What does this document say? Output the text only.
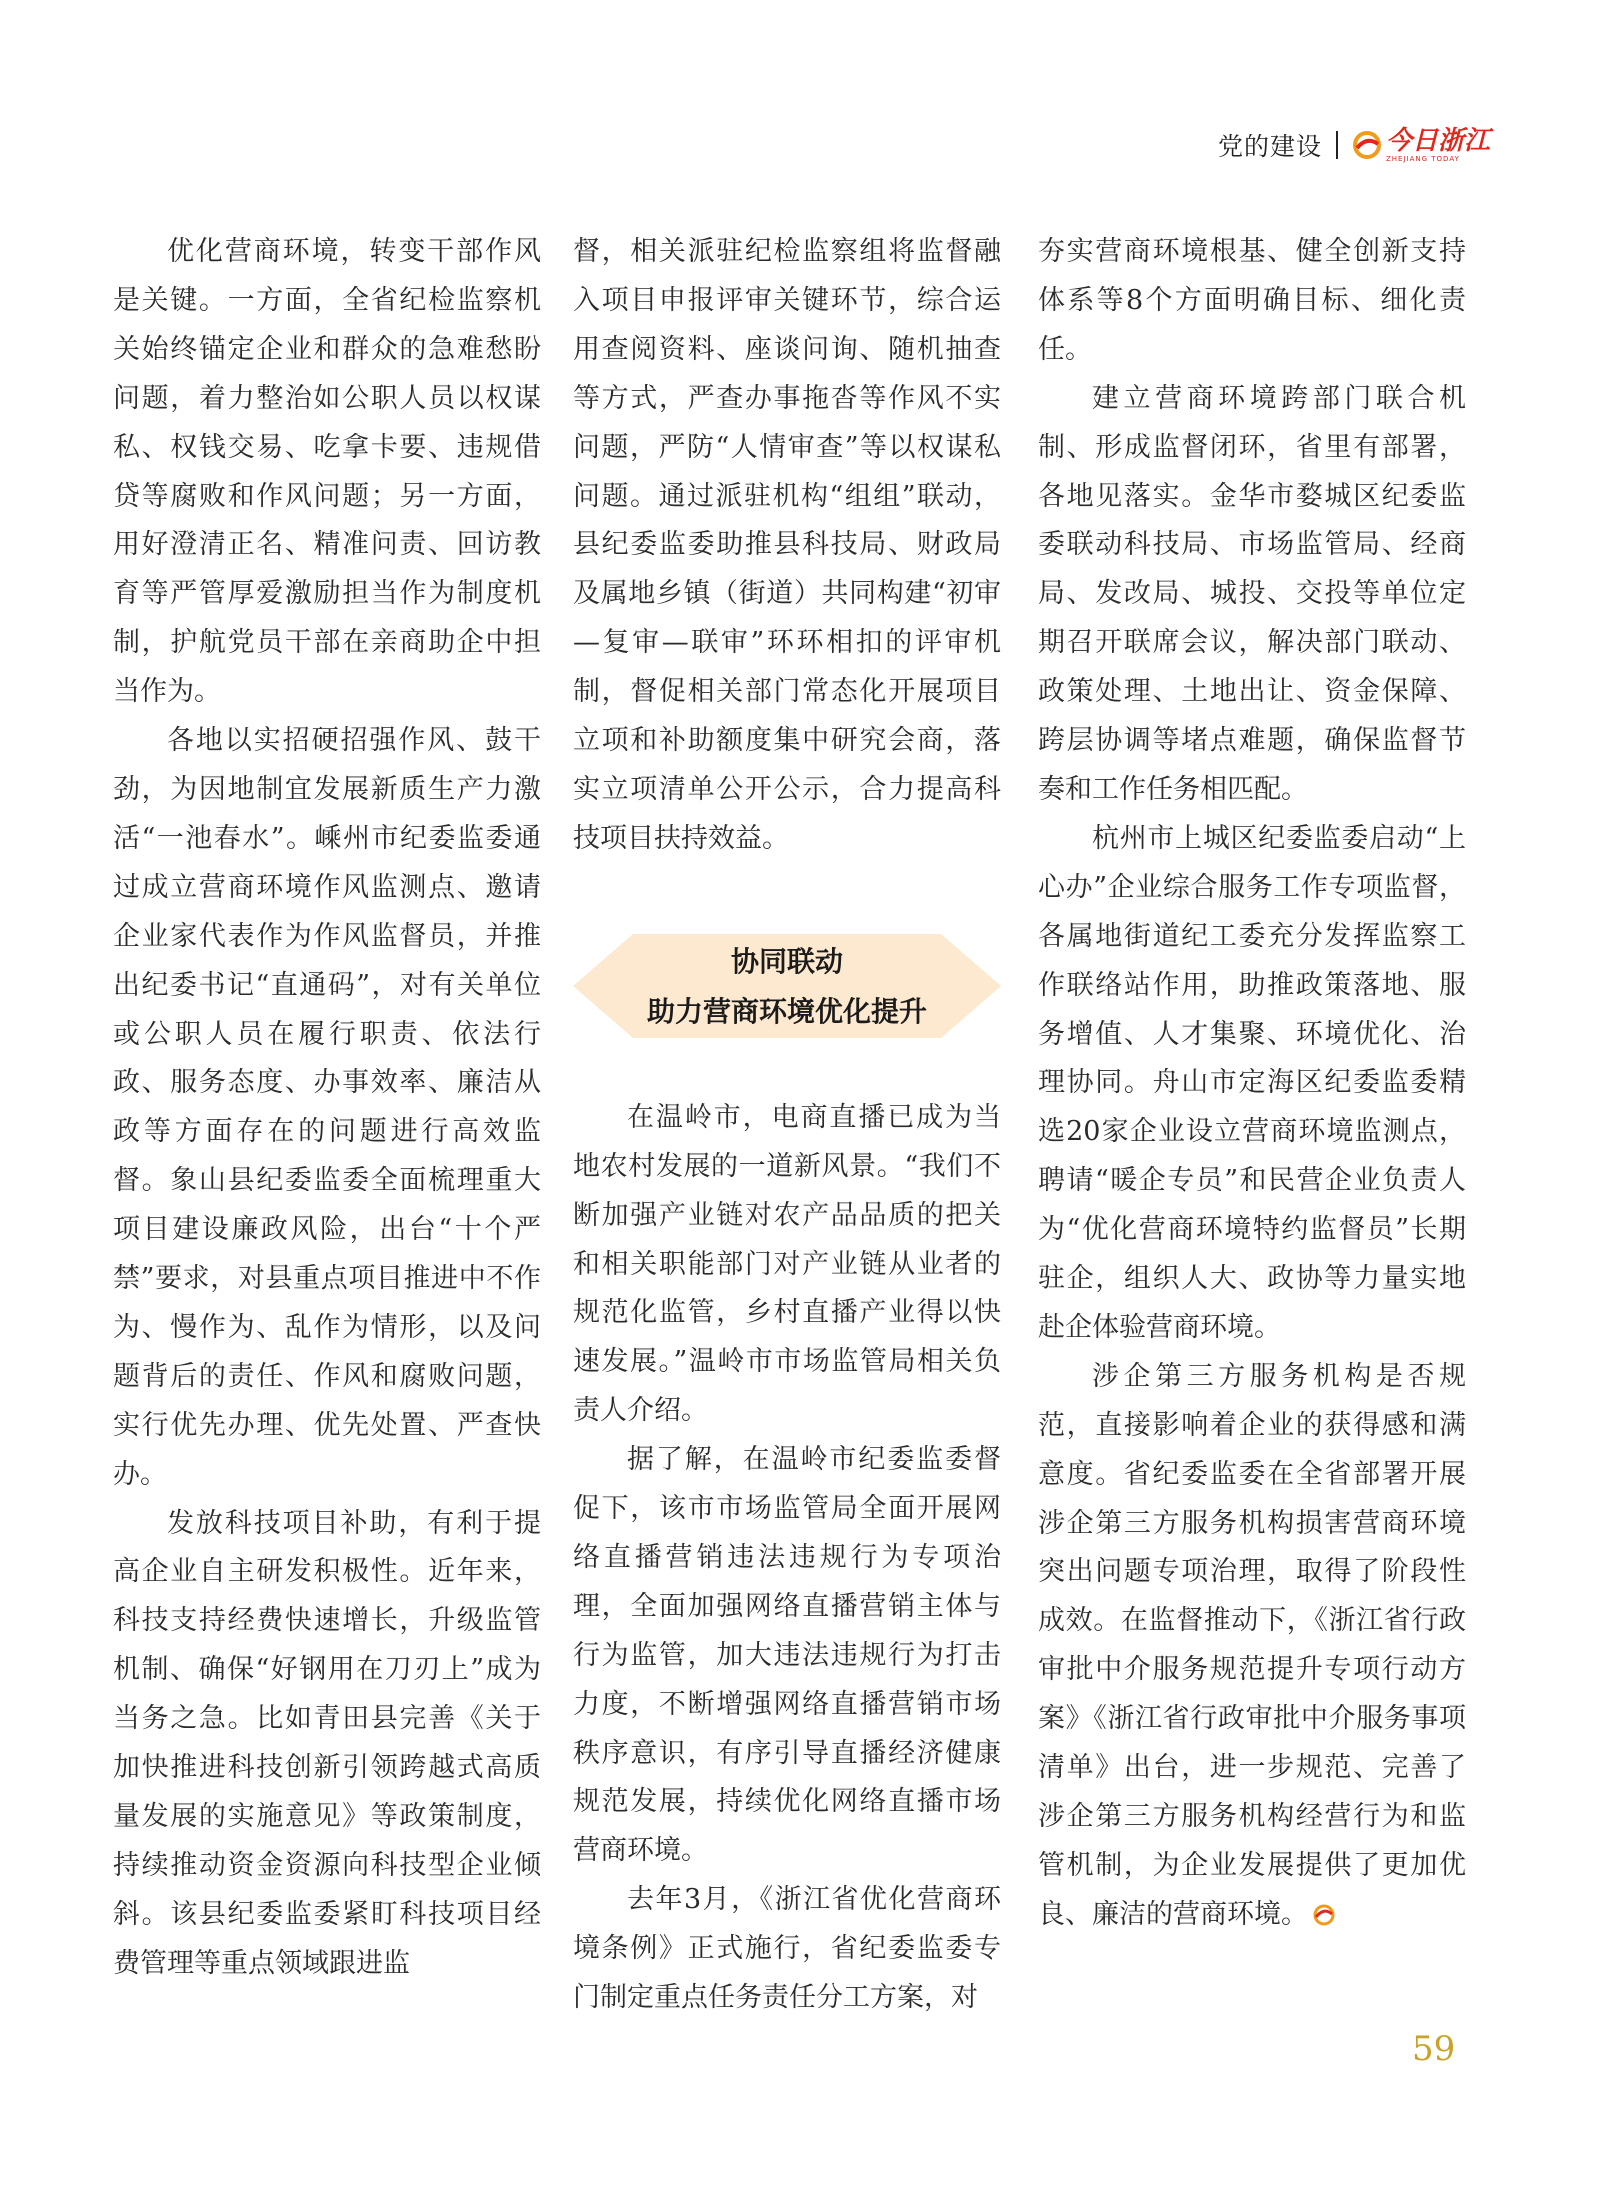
党的建设 今日浙江
ZHEJIANG TODAY

优化营商环境，转变干部作风是关键。一方面，全省纪检监察机关始终锚定企业和群众的急难愁盼问题，着力整治如公职人员以权谋私、权钱交易、吃拿卡要、违规借贷等腐败和作风问题；另一方面，用好澄清正名、精准问责、回访教育等严管厚爱激励担当作为制度机制，护航党员干部在亲商助企中担当作为。

各地以实招硬招强作风、鼓干劲，为因地制宜发展新质生产力激活“一池春水”。嵊州市纪委监委通过成立营商环境作风监测点、邀请企业家代表作为作风监督员，并推出纪委书记“直通码”，对有关单位或公职人员在履行职责、依法行政、服务态度、办事效率、廉洁从政等方面存在的问题进行高效监督。象山县纪委监委全面梳理重大项目建设廉政风险，出台“十个严禁”要求，对县重点项目推进中不作为、慢作为、乱作为情形，以及问题背后的责任、作风和腐败问题，实行优先办理、优先处置、严查快办。

发放科技项目补助，有利于提高企业自主研发积极性。近年来，科技支持经费快速增长，升级监管机制、确保“好钢用在刀刃上”成为当务之急。比如青田县完善《关于加快推进科技创新引领跨越式高质量发展的实施意见》等政策制度，持续推动资金资源向科技型企业倾斜。该县纪委监委紧盯科技项目经费管理等重点领域跟进监

督，相关派驻纪检监察组将监督融入项目申报评审关键环节，综合运用查阅资料、座谈问询、随机抽查等方式，严查办事拖沓等作风不实问题，严防“人情审查”等以权谋私问题。通过派驻机构“组组”联动，县纪委监委助推县科技局、财政局及属地乡镇（街道）共同构建“初审—复审—联审”环环相扣的评审机制，督促相关部门常态化开展项目立项和补助额度集中研究会商，落实立项清单公开公示，合力提高科技项目扶持效益。

协同联动
助力营商环境优化提升

在温岭市，电商直播已成为当地农村发展的一道新风景。“我们不断加强产业链对农产品品质的把关和相关职能部门对产业链从业者的规范化监管，乡村直播产业得以快速发展。”温岭市市场监管局相关负责人介绍。

据了解，在温岭市纪委监委督促下，该市市场监管局全面开展网络直播营销违法违规行为专项治理，全面加强网络直播营销主体与行为监管，加大违法违规行为打击力度，不断增强网络直播营销市场秩序意识，有序引导直播经济健康规范发展，持续优化网络直播市场营商环境。

去年3月，《浙江省优化营商环境条例》正式施行，省纪委监委专门制定重点任务责任分工方案，对

夯实营商环境根基、健全创新支持体系等8个方面明确目标、细化责任。

建立营商环境跨部门联合机制、形成监督闭环，省里有部署，各地见落实。金华市婺城区纪委监委联动科技局、市场监管局、经商局、发改局、城投、交投等单位定期召开联席会议，解决部门联动、政策处理、土地出让、资金保障、跨层协调等堵点难题，确保监督节奏和工作任务相匹配。

杭州市上城区纪委监委启动“上心办”企业综合服务工作专项监督，各属地街道纪工委充分发挥监察工作联络站作用，助推政策落地、服务增值、人才集聚、环境优化、治理协同。舟山市定海区纪委监委精选20家企业设立营商环境监测点，聘请“暖企专员”和民营企业负责人为“优化营商环境特约监督员”长期驻企，组织人大、政协等力量实地赴企体验营商环境。

涉企第三方服务机构是否规范，直接影响着企业的获得感和满意度。省纪委监委在全省部署开展涉企第三方服务机构损害营商环境突出问题专项治理，取得了阶段性成效。在监督推动下，《浙江省行政审批中介服务规范提升专项行动方案》《浙江省行政审批中介服务事项清单》出台，进一步规范、完善了涉企第三方服务机构经营行为和监管机制，为企业发展提供了更加优良、廉洁的营商环境。

59
